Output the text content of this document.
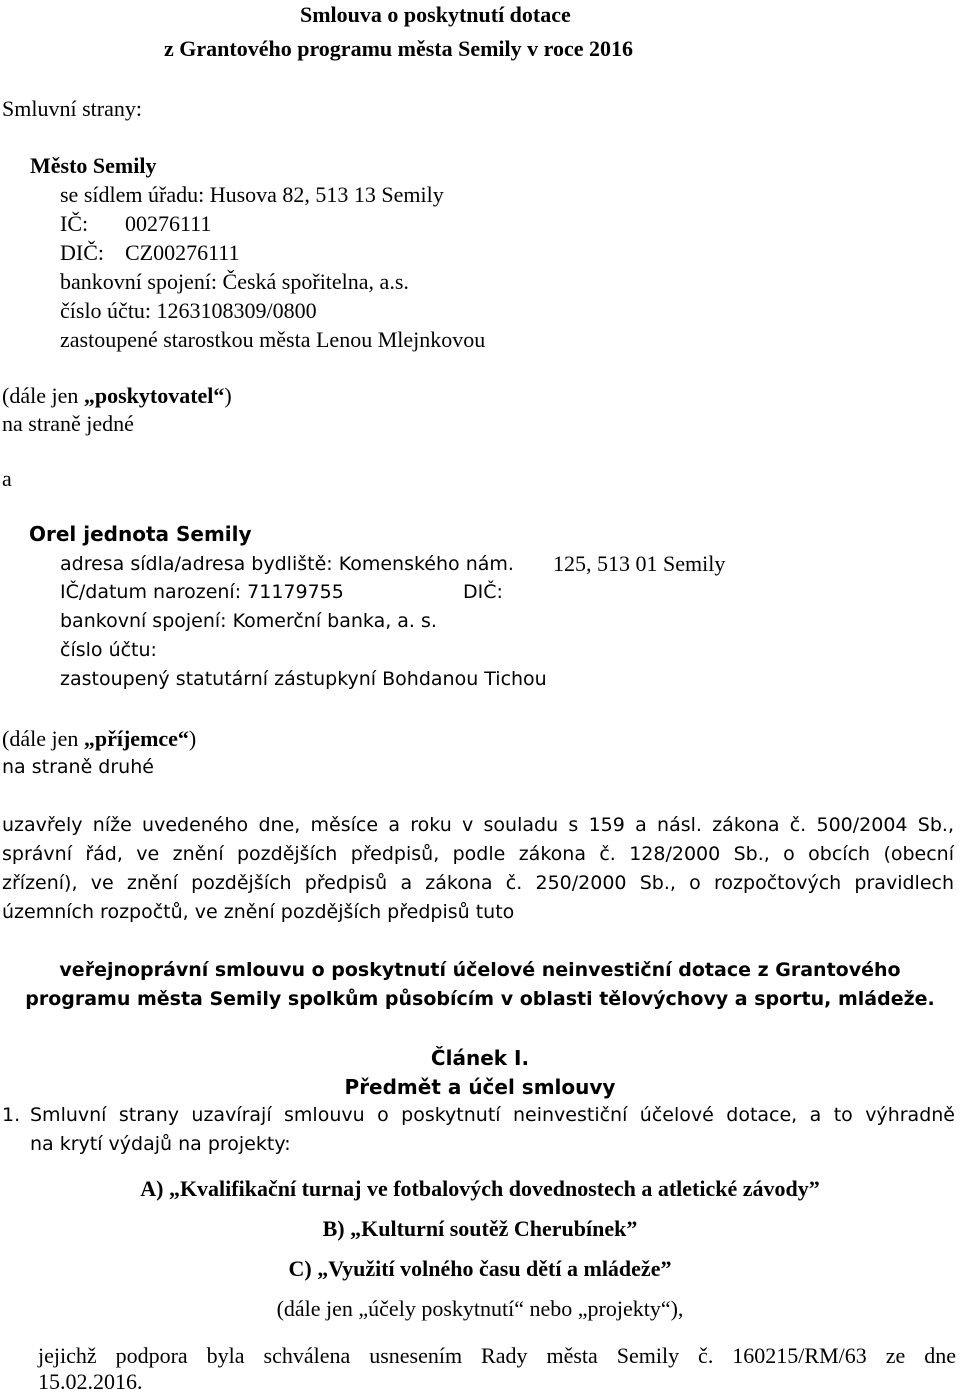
Smlouva o poskytnutí dotace
z Grantového programu města Semily v roce 2016
Smluvní strany:
Město Semily
se sídlem úřadu: Husova 82, 513 13 Semily
IČ: 00276111
DIČ: CZ00276111
bankovní spojení: Česká spořitelna, a.s.
číslo účtu: 1263108309/0800
zastoupené starostkou města Lenou Mlejnkovou
(dále jen „poskytovatel“)
na straně jedné
a
Orel jednota Semily
adresa sídla/adresa bydliště: Komenského nám. 125, 513 01 Semily
IČ/datum narození: 71179755	DIČ:
bankovní spojení: Komerční banka, a. s.
číslo účtu:
zastoupený statutární zástupkyní Bohdanou Tichou
(dále jen „příjemce“)
na straně druhé
uzavřely níže uvedeného dne, měsíce a roku v souladu s 159 a násl. zákona č. 500/2004 Sb.,
správní řád, ve znění pozdějších předpisů, podle zákona č. 128/2000 Sb., o obcích (obecní
zřízení), ve znění pozdějších předpisů a zákona č. 250/2000 Sb., o rozpočtových pravidlech
územních rozpočtů, ve znění pozdějších předpisů tuto
veřejnoprávní smlouvu o poskytnutí účelové neinvestiční dotace z Grantového
programu města Semily spolkům působícím v oblasti tělovýchovy a sportu, mládeže.
Článek I.
Předmět a účel smlouvy
1. Smluvní strany uzavírají smlouvu o poskytnutí neinvestiční účelové dotace, a to výhradně
na krytí výdajů na projekty:
A) „Kvalifikační turnaj ve fotbalových dovednostech a atletické závody”
B) „Kulturní soutěž Cherubínek”
C) „Využití volného času dětí a mládeže”
(dále jen „účely poskytnutí“ nebo „projekty“),
jejichž podpora byla schválena usnesením Rady města Semily č. 160215/RM/63 ze dne
15.02.2016.
